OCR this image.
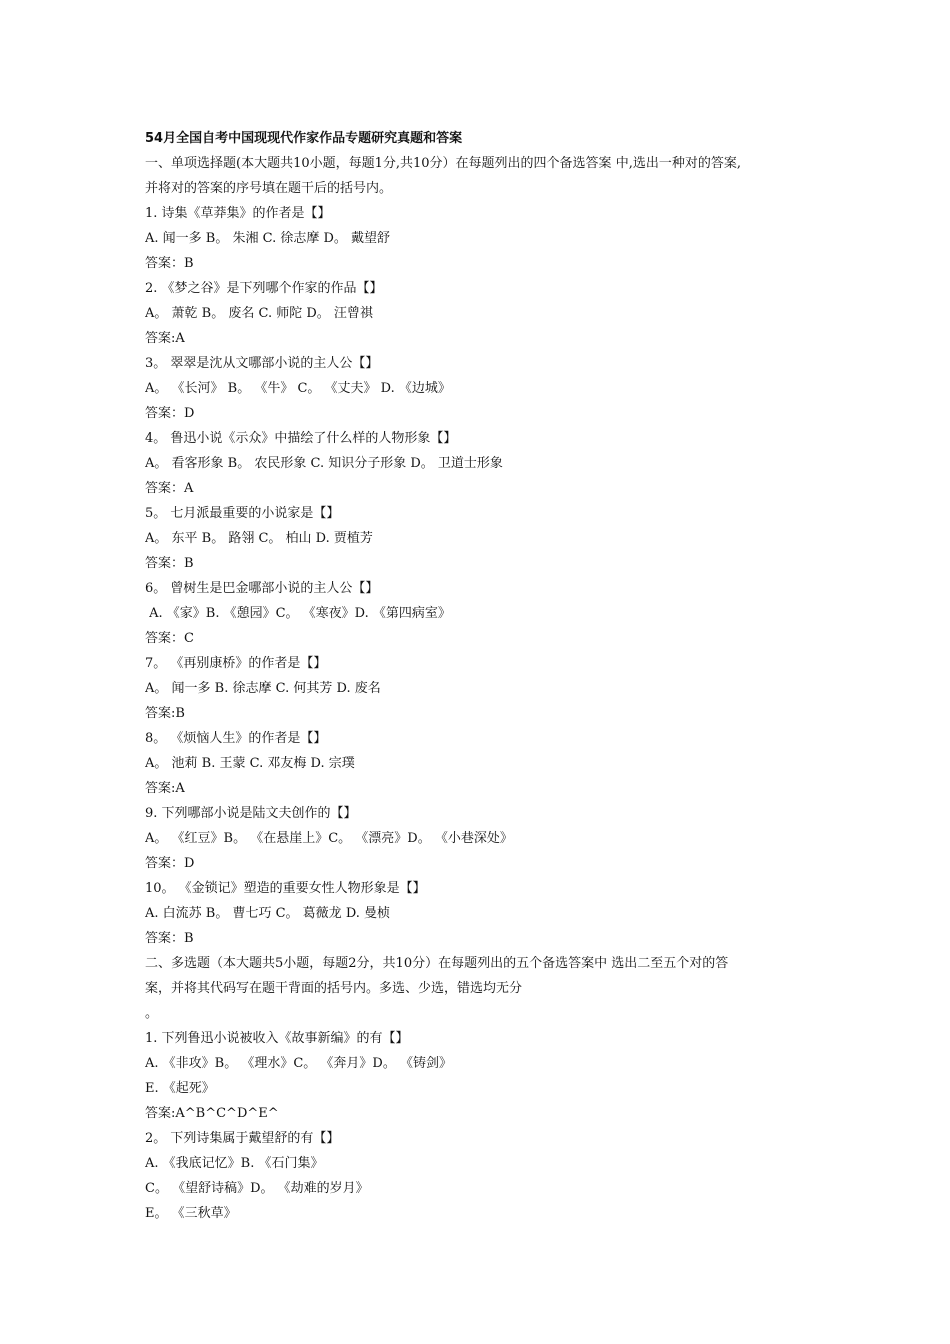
54月全国自考中国现现代作家作品专题研究真题和答案
一、单项选择题(本大题共10小题，每题1分,共10分）在每题列出的四个备选答案 中,选出一种对的答案,
并将对的答案的序号填在题干后的括号内。
1. 诗集《草莽集》的作者是【】
A. 闻一多 B。 朱湘 C. 徐志摩 D。 戴望舒
答案：B
2. 《梦之谷》是下列哪个作家的作品【】
A。 萧乾 B。 废名 C. 师陀 D。 汪曾祺
答案:A
3。 翠翠是沈从文哪部小说的主人公【】
A。 《长河》 B。 《牛》 C。 《丈夫》 D. 《边城》
答案：D
4。 鲁迅小说《示众》中描绘了什么样的人物形象【】
A。 看客形象 B。 农民形象 C. 知识分子形象 D。 卫道士形象
答案：A
5。 七月派最重要的小说家是【】
A。 东平 B。 路翎 C。 柏山 D. 贾植芳
答案：B
6。 曾树生是巴金哪部小说的主人公【】
A. 《家》B. 《憩园》C。 《寒夜》D. 《第四病室》
答案：C
7。 《再别康桥》的作者是【】
A。 闻一多 B. 徐志摩 C. 何其芳 D. 废名
答案:B
8。 《烦恼人生》的作者是【】
A。 池莉 B. 王蒙 C. 邓友梅 D. 宗璞
答案:A
9. 下列哪部小说是陆文夫创作的【】
A。 《红豆》B。 《在悬崖上》C。 《漂亮》D。 《小巷深处》
答案：D
10。 《金锁记》塑造的重要女性人物形象是【】
A. 白流苏 B。 曹七巧 C。 葛薇龙 D. 曼桢
答案：B
二、多选题（本大题共5小题，每题2分，共10分）在每题列出的五个备选答案中 选出二至五个对的答
案，并将其代码写在题干背面的括号内。多选、少选，错选均无分
。
1. 下列鲁迅小说被收入《故事新编》的有【】
A. 《非攻》B。 《理水》C。 《奔月》D。 《铸剑》
E. 《起死》
答案:A^B^C^D^E^
2。 下列诗集属于戴望舒的有【】
A. 《我底记忆》B. 《石门集》
C。 《望舒诗稿》D。 《劫难的岁月》
E。 《三秋草》
